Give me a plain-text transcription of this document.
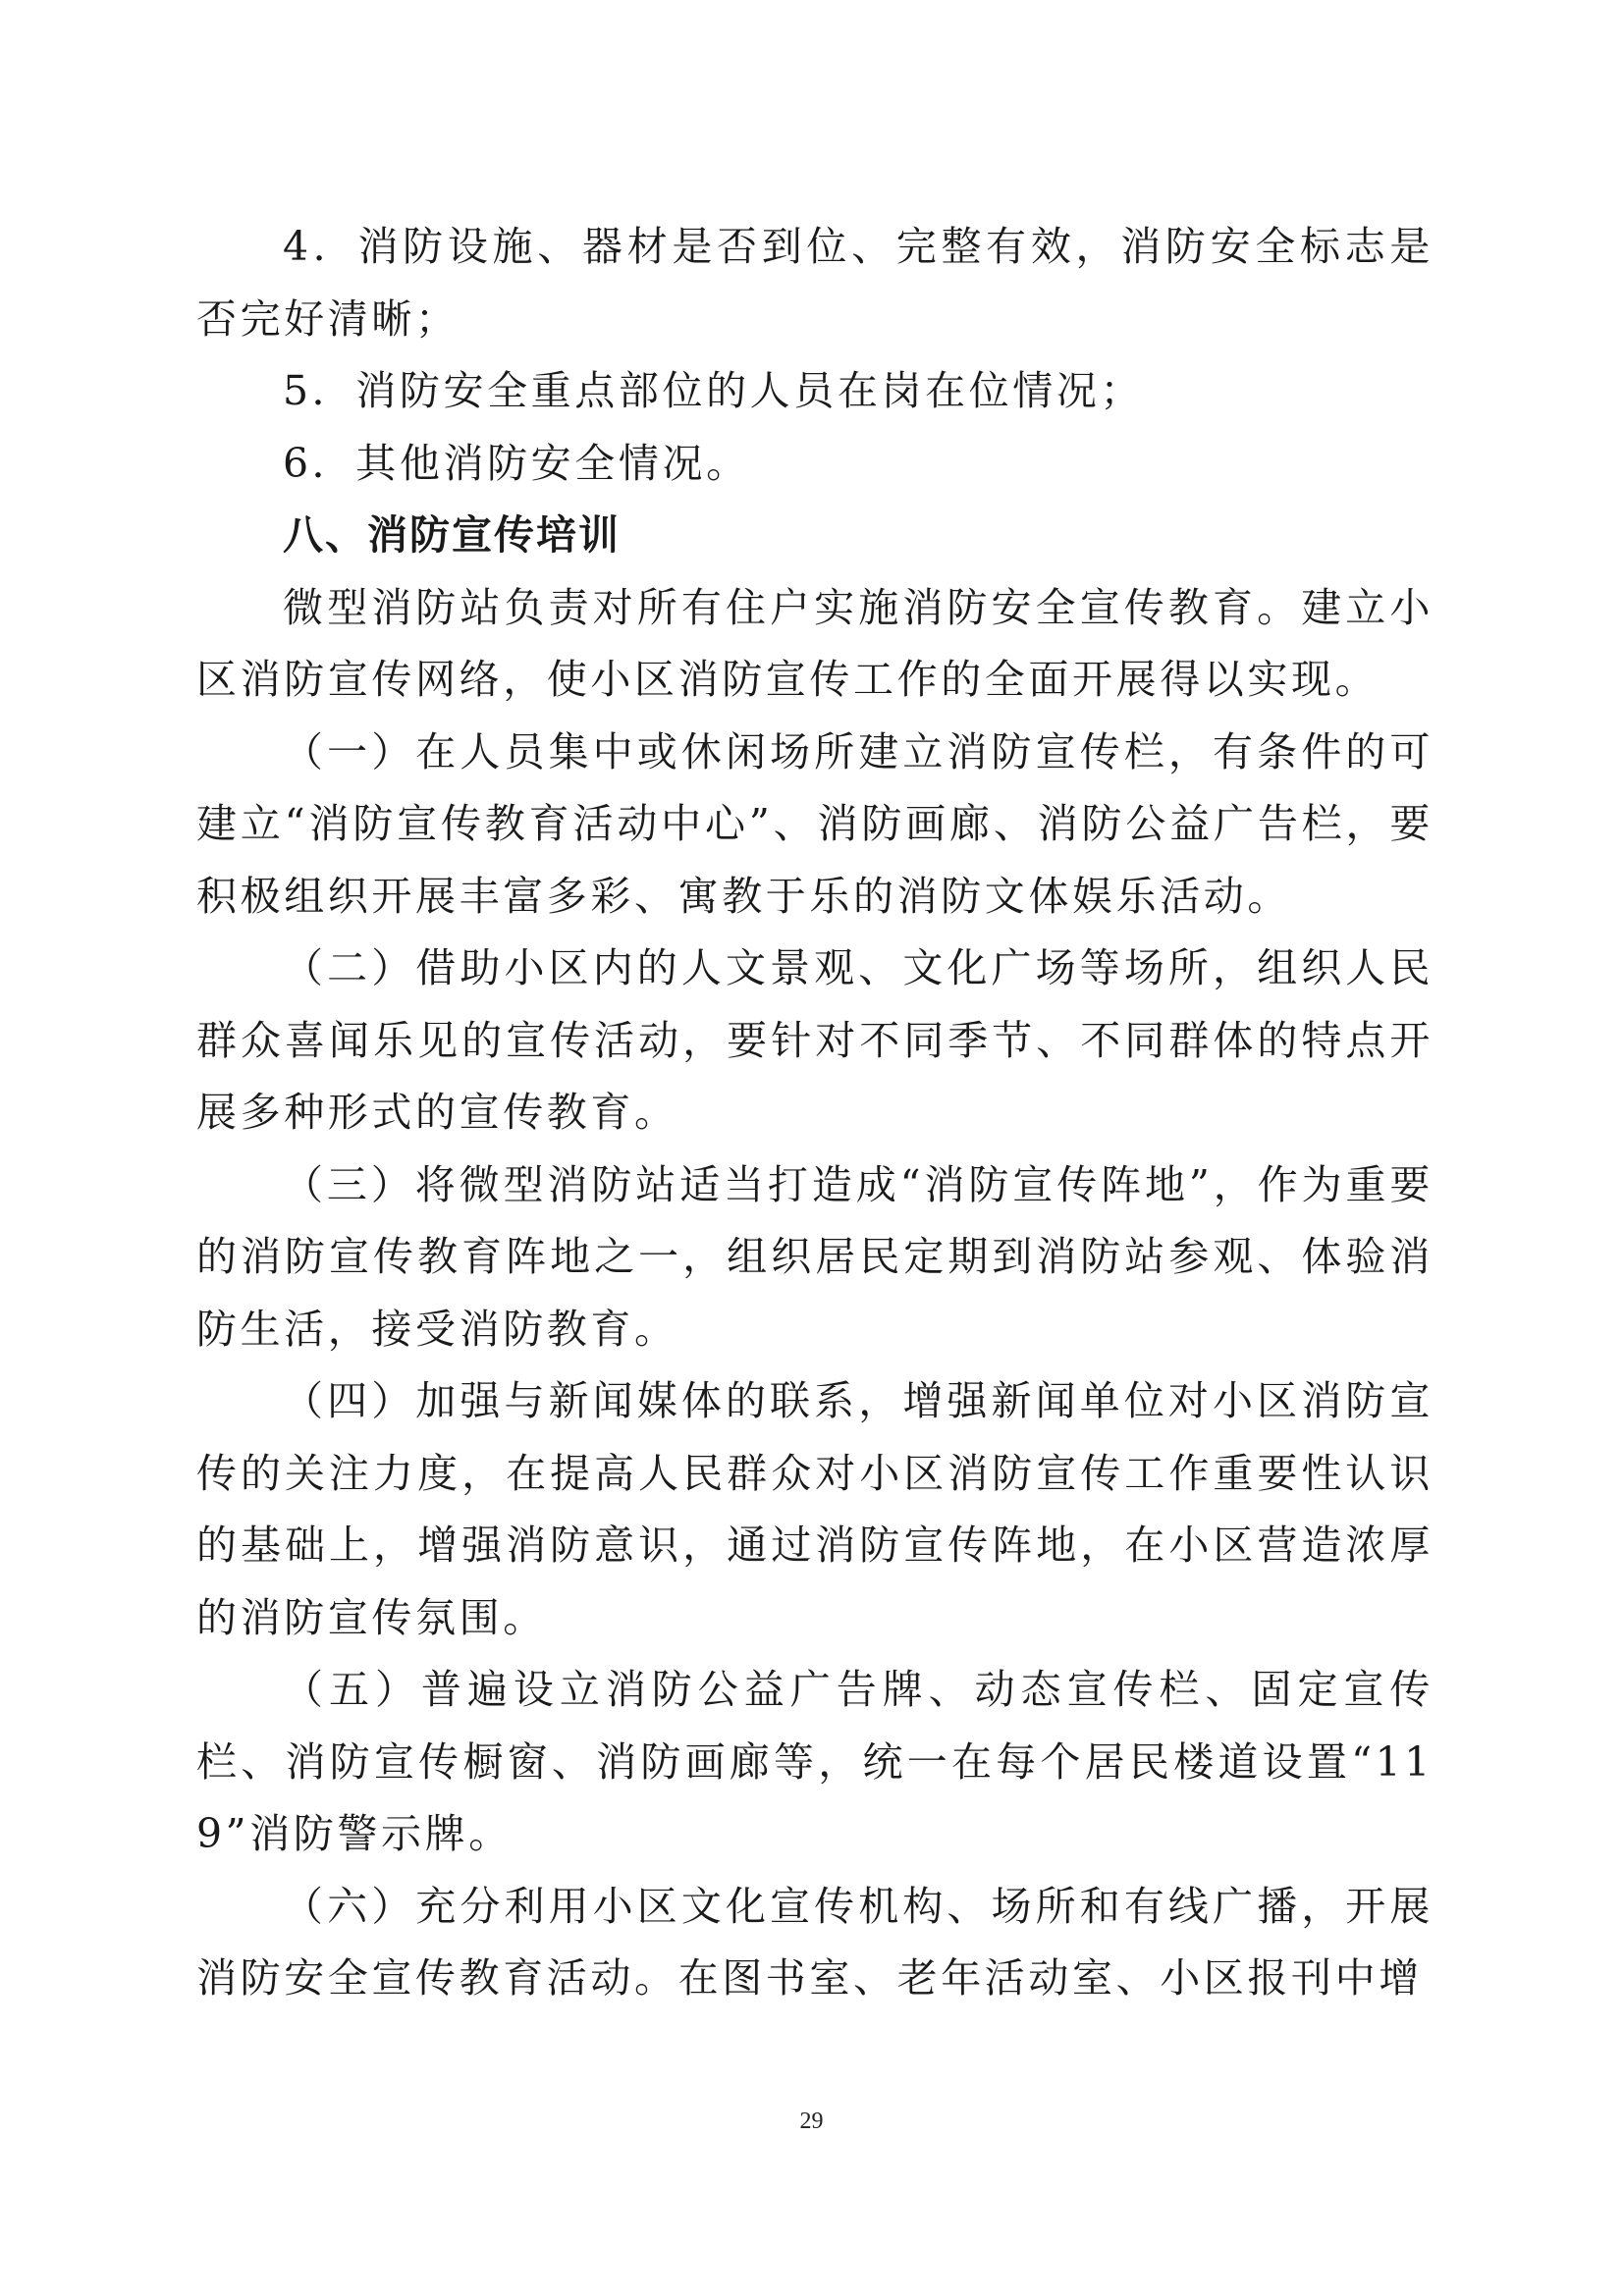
4．消防设施、器材是否到位、完整有效，消防安全标志是否完好清晰；

5．消防安全重点部位的人员在岗在位情况；

6．其他消防安全情况。

八、消防宣传培训

微型消防站负责对所有住户实施消防安全宣传教育。建立小区消防宣传网络，使小区消防宣传工作的全面开展得以实现。

（一）在人员集中或休闲场所建立消防宣传栏，有条件的可建立“消防宣传教育活动中心”、消防画廊、消防公益广告栏，要积极组织开展丰富多彩、寓教于乐的消防文体娱乐活动。

（二）借助小区内的人文景观、文化广场等场所，组织人民群众喜闻乐见的宣传活动，要针对不同季节、不同群体的特点开展多种形式的宣传教育。

（三）将微型消防站适当打造成“消防宣传阵地”，作为重要的消防宣传教育阵地之一，组织居民定期到消防站参观、体验消防生活，接受消防教育。

（四）加强与新闻媒体的联系，增强新闻单位对小区消防宣传的关注力度，在提高人民群众对小区消防宣传工作重要性认识的基础上，增强消防意识，通过消防宣传阵地，在小区营造浓厚的消防宣传氛围。

（五）普遍设立消防公益广告牌、动态宣传栏、固定宣传栏、消防宣传橱窗、消防画廊等，统一在每个居民楼道设置“119”消防警示牌。

（六）充分利用小区文化宣传机构、场所和有线广播，开展消防安全宣传教育活动。在图书室、老年活动室、小区报刊中增

29
